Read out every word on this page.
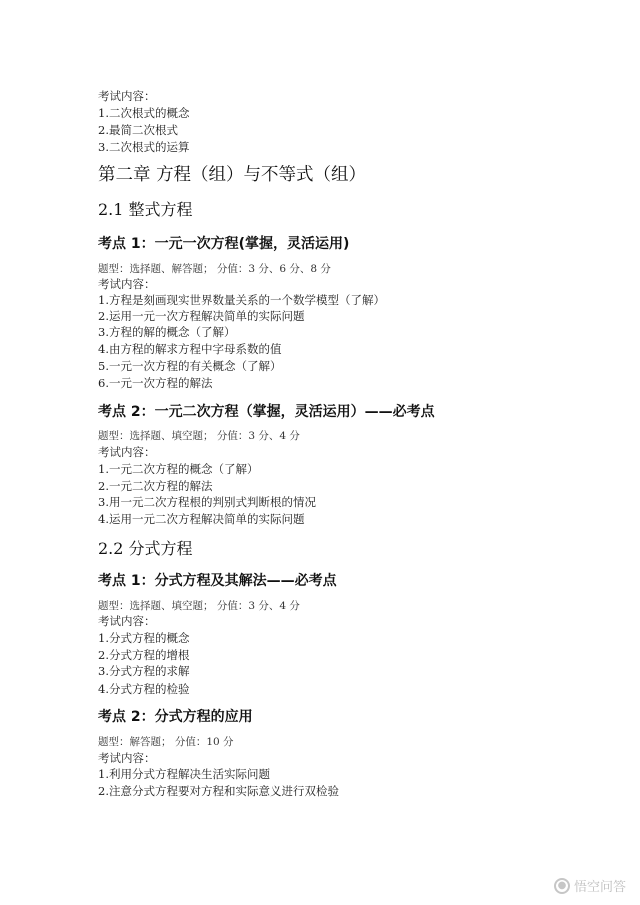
考试内容：
1.二次根式的概念
2.最简二次根式
3.二次根式的运算
第二章 方程（组）与不等式（组）
2.1 整式方程
考点 1：一元一次方程(掌握，灵活运用)
题型：选择题、解答题； 分值：3 分、6 分、8 分
考试内容：
1.方程是刻画现实世界数量关系的一个数学模型（了解）
2.运用一元一次方程解决简单的实际问题
3.方程的解的概念（了解）
4.由方程的解求方程中字母系数的值
5.一元一次方程的有关概念（了解）
6.一元一次方程的解法
考点 2：一元二次方程（掌握，灵活运用）——必考点
题型：选择题、填空题； 分值：3 分、4 分
考试内容：
1.一元二次方程的概念（了解）
2.一元二次方程的解法
3.用一元二次方程根的判别式判断根的情况
4.运用一元二次方程解决简单的实际问题
2.2 分式方程
考点 1：分式方程及其解法——必考点
题型：选择题、填空题； 分值：3 分、4 分
考试内容：
1.分式方程的概念
2.分式方程的增根
3.分式方程的求解
4.分式方程的检验
考点 2：分式方程的应用
题型：解答题； 分值：10 分
考试内容：
1.利用分式方程解决生活实际问题
2.注意分式方程要对方程和实际意义进行双检验
● 悟空问答
